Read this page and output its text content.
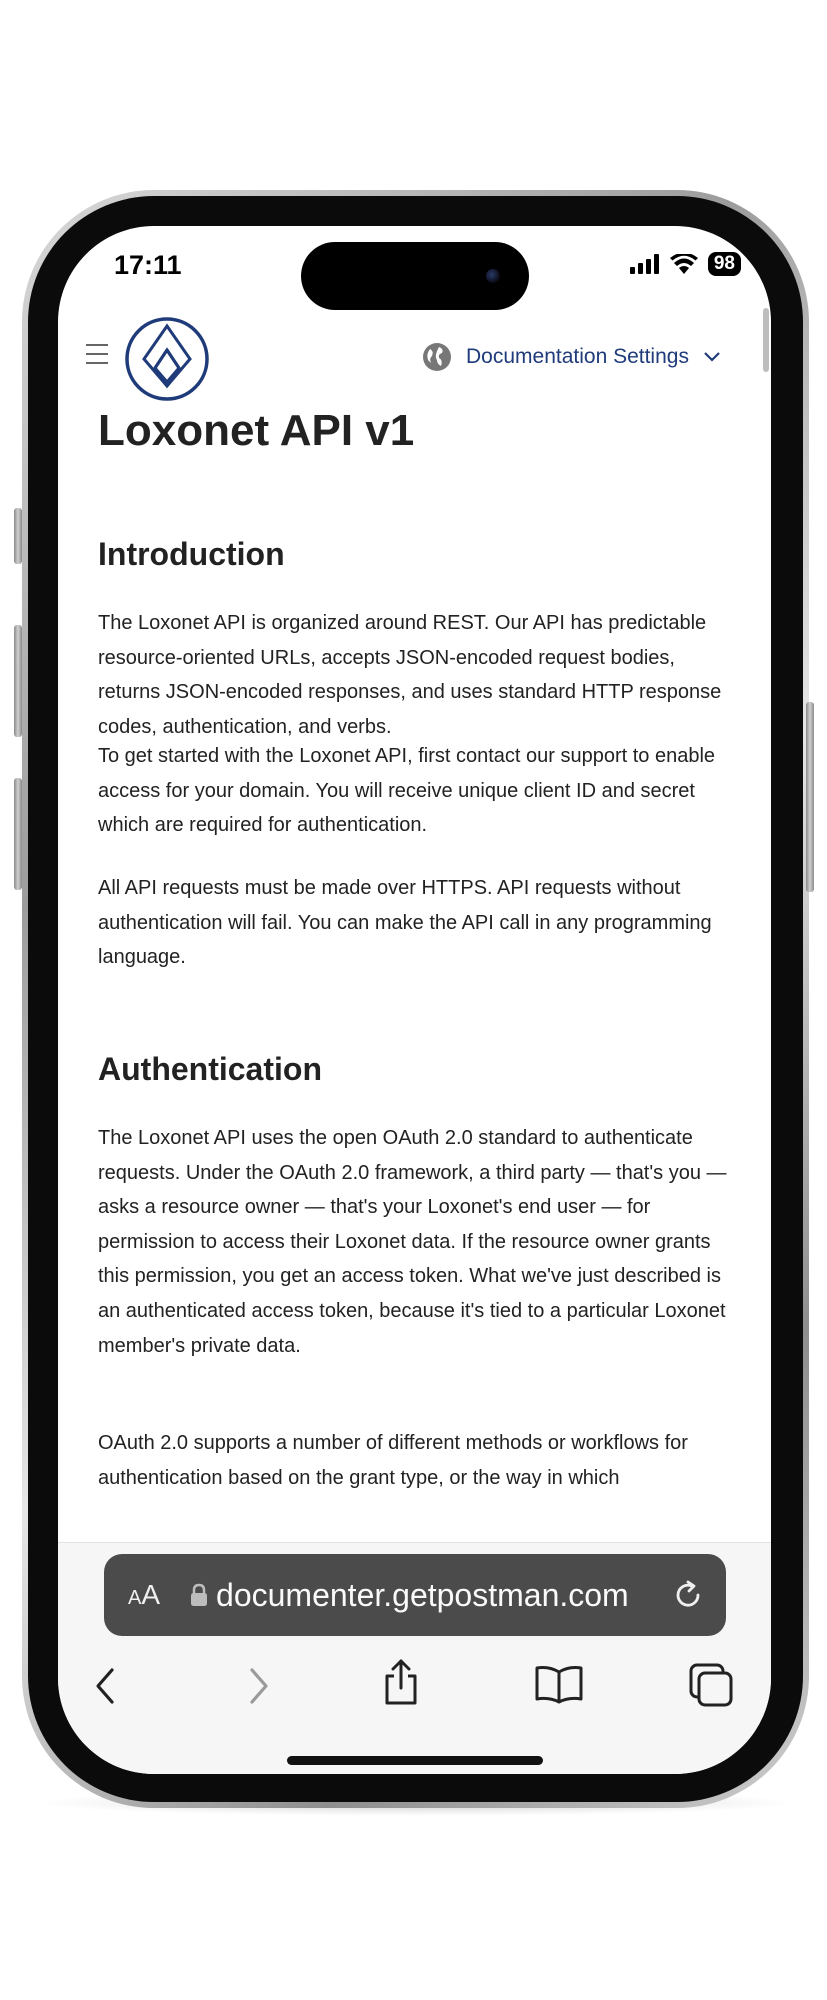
17:11	98
Documentation Settings
Loxonet API v1
Introduction

The Loxonet API is organized around REST. Our API has predictable resource-oriented URLs, accepts JSON-encoded request bodies, returns JSON-encoded responses, and uses standard HTTP response codes, authentication, and verbs.

To get started with the Loxonet API, first contact our support to enable access for your domain. You will receive unique client ID and secret which are required for authentication.

All API requests must be made over HTTPS. API requests without authentication will fail. You can make the API call in any programming language.

Authentication

The Loxonet API uses the open OAuth 2.0 standard to authenticate requests. Under the OAuth 2.0 framework, a third party — that's you — asks a resource owner — that's your Loxonet's end user — for permission to access their Loxonet data. If the resource owner grants this permission, you get an access token. What we've just described is an authenticated access token, because it's tied to a particular Loxonet member's private data.

OAuth 2.0 supports a number of different methods or workflows for authentication based on the grant type, or the way in which

AA documenter.getpostman.com
